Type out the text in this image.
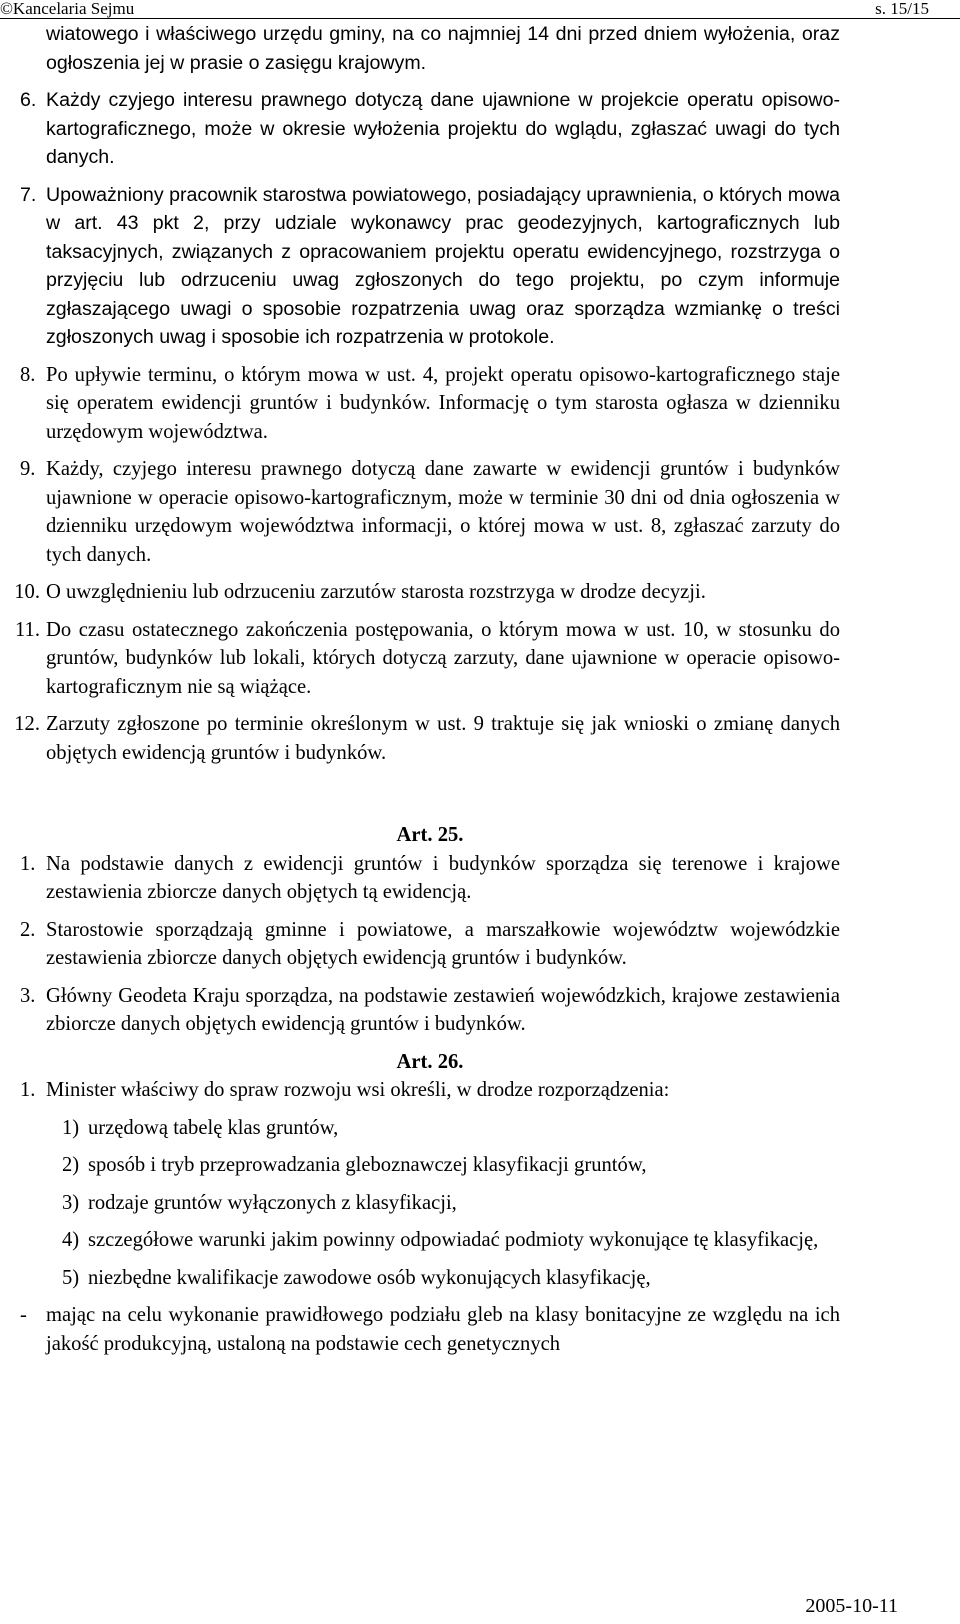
©Kancelaria Sejmu	s. 15/15

wiatowego i właściwego urzędu gminy, na co najmniej 14 dni przed dniem wyłożenia, oraz ogłoszenia jej w prasie o zasięgu krajowym.

6. Każdy czyjego interesu prawnego dotyczą dane ujawnione w projekcie operatu opisowo-kartograficznego, może w okresie wyłożenia projektu do wglądu, zgłaszać uwagi do tych danych.
7. Upoważniony pracownik starostwa powiatowego, posiadający uprawnienia, o których mowa w art. 43 pkt 2, przy udziale wykonawcy prac geodezyjnych, kartograficznych lub taksacyjnych, związanych z opracowaniem projektu operatu ewidencyjnego, rozstrzyga o przyjęciu lub odrzuceniu uwag zgłoszonych do tego projektu, po czym informuje zgłaszającego uwagi o sposobie rozpatrzenia uwag oraz sporządza wzmiankę o treści zgłoszonych uwag i sposobie ich rozpatrzenia w protokole.
8. Po upływie terminu, o którym mowa w ust. 4, projekt operatu opisowo-kartograficznego staje się operatem ewidencji gruntów i budynków. Informację o tym starosta ogłasza w dzienniku urzędowym województwa.
9. Każdy, czyjego interesu prawnego dotyczą dane zawarte w ewidencji gruntów i budynków ujawnione w operacie opisowo-kartograficznym, może w terminie 30 dni od dnia ogłoszenia w dzienniku urzędowym województwa informacji, o której mowa w ust. 8, zgłaszać zarzuty do tych danych.
10. O uwzględnieniu lub odrzuceniu zarzutów starosta rozstrzyga w drodze decyzji.
11. Do czasu ostatecznego zakończenia postępowania, o którym mowa w ust. 10, w stosunku do gruntów, budynków lub lokali, których dotyczą zarzuty, dane ujawnione w operacie opisowo-kartograficznym nie są wiążące.
12. Zarzuty zgłoszone po terminie określonym w ust. 9 traktuje się jak wnioski o zmianę danych objętych ewidencją gruntów i budynków.

Art. 25.

1. Na podstawie danych z ewidencji gruntów i budynków sporządza się terenowe i krajowe zestawienia zbiorcze danych objętych tą ewidencją.
2. Starostowie sporządzają gminne i powiatowe, a marszałkowie województw wojewódzkie zestawienia zbiorcze danych objętych ewidencją gruntów i budynków.
3. Główny Geodeta Kraju sporządza, na podstawie zestawień wojewódzkich, krajowe zestawienia zbiorcze danych objętych ewidencją gruntów i budynków.

Art. 26.

1. Minister właściwy do spraw rozwoju wsi określi, w drodze rozporządzenia:
1) urzędową tabelę klas gruntów,
2) sposób i tryb przeprowadzania gleboznawczej klasyfikacji gruntów,
3) rodzaje gruntów wyłączonych z klasyfikacji,
4) szczegółowe warunki jakim powinny odpowiadać podmioty wykonujące tę klasyfikację,
5) niezbędne kwalifikacje zawodowe osób wykonujących klasyfikację,
- mając na celu wykonanie prawidłowego podziału gleb na klasy bonitacyjne ze względu na ich jakość produkcyjną, ustaloną na podstawie cech genetycznych
2005-10-11
